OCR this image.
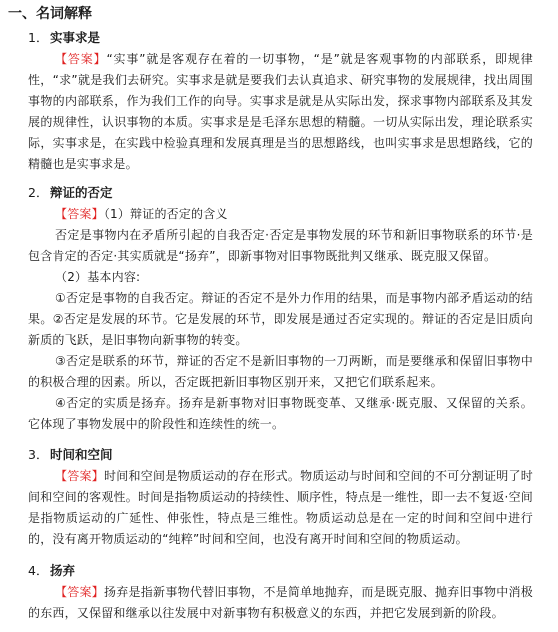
一、名词解释
1． 实事求是

【答案】“实事”就是客观存在着的一切事物，“是”就是客观事物的内部联系，即规律性，“求”就是我们去研究。实事求是就是要我们去认真追求、研究事物的发展规律，找出周围事物的内部联系，作为我们工作的向导。实事求是就是从实际出发，探求事物内部联系及其发展的规律性，认识事物的本质。实事求是是毛泽东思想的精髓。一切从实际出发，理论联系实际，实事求是，在实践中检验真理和发展真理是当的思想路线，也叫实事求是思想路线，它的精髓也是实事求是。

2． 辩证的否定

【答案】（1）辩证的否定的含义

否定是事物内在矛盾所引起的自我否定·否定是事物发展的环节和新旧事物联系的环节·是包含肯定的否定·其实质就是“扬弃”，即新事物对旧事物既批判又继承、既克服又保留。

（2）基本内容:

①否定是事物的自我否定。辩证的否定不是外力作用的结果，而是事物内部矛盾运动的结果。②否定是发展的环节。它是发展的环节，即发展是通过否定实现的。辩证的否定是旧质向新质的飞跃，是旧事物向新事物的转变。

③否定是联系的环节，辩证的否定不是新旧事物的一刀两断，而是要继承和保留旧事物中的积极合理的因素。所以，否定既把新旧事物区别开来，又把它们联系起来。

④否定的实质是扬弃。扬弃是新事物对旧事物既变革、又继承·既克服、又保留的关系。它体现了事物发展中的阶段性和连续性的统一。

3． 时间和空间

【答案】时间和空间是物质运动的存在形式。物质运动与时间和空间的不可分割证明了时间和空间的客观性。时间是指物质运动的持续性、顺序性，特点是一维性，即一去不复返·空间是指物质运动的广延性、伸张性，特点是三维性。物质运动总是在一定的时间和空间中进行的，没有离开物质运动的“纯粹”时间和空间，也没有离开时间和空间的物质运动。

4． 扬弃

【答案】扬弃是指新事物代替旧事物，不是简单地抛弃，而是既克服、抛弃旧事物中消极的东西，又保留和继承以往发展中对新事物有积极意义的东西，并把它发展到新的阶段。
